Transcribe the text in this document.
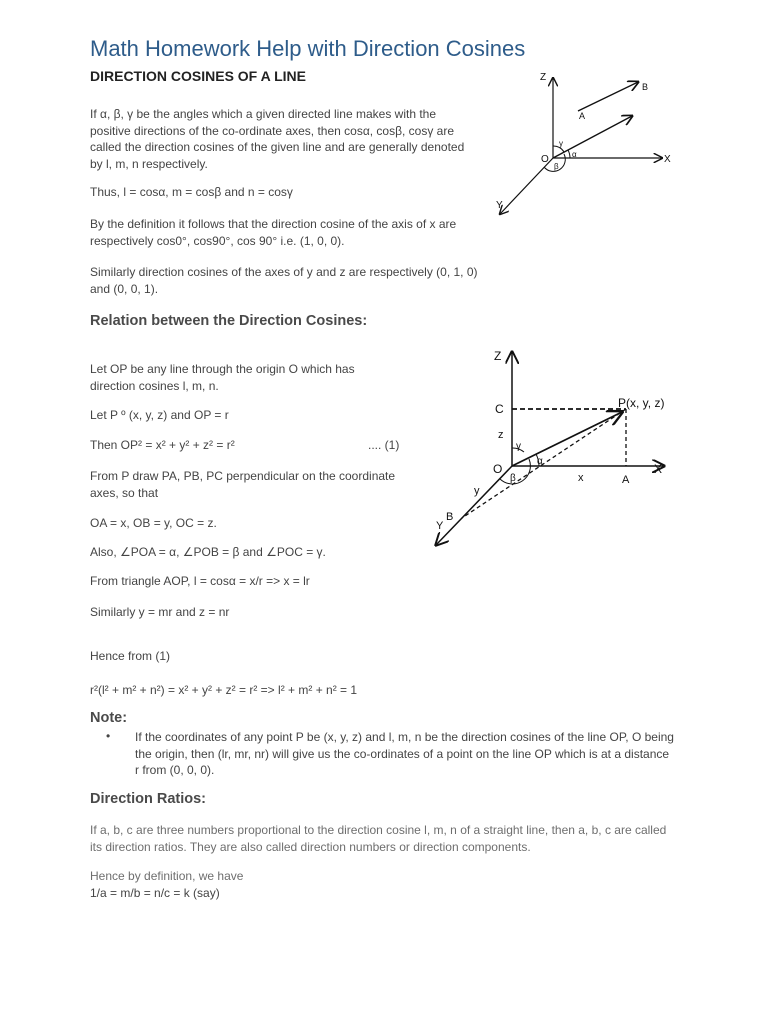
Math Homework Help with Direction Cosines
DIRECTION COSINES OF A LINE
If α, β, γ be the angles which a given directed line makes with the positive directions of the co-ordinate axes, then cosα, cosβ, cosγ are called the direction cosines of the given line and are generally denoted by l, m, n respectively.
Thus, l = cosα, m = cosβ and n = cosγ
By the definition it follows that the direction cosine of the axis of x are respectively cos0°, cos90°, cos 90° i.e. (1, 0, 0).
Similarly direction cosines of the axes of y and z are respectively (0, 1, 0) and (0, 0, 1).
Z
X
Y
O
A
B
γ
α
β
Relation between the Direction Cosines:
Let OP be any line through the origin O which has direction cosines l, m, n.
Let P º (x, y, z) and OP = r
Then OP² = x² + y² + z² = r²	.... (1)
From P draw PA, PB, PC perpendicular on the coordinate axes, so that
OA = x, OB = y, OC = z.
Also, ∠POA = α, ∠POB = β and ∠POC = γ.
From triangle AOP, l = cosα = x/r => x = lr
Similarly y = mr and z = nr
Hence from (1)
r²(l² + m² + n²) = x² + y² + z² = r² => l² + m² + n² = 1
Z
X
Y
O
P(x, y, z)
C
z
x	A
y
B
γ
α
β
Note:
• If the coordinates of any point P be (x, y, z) and l, m, n be the direction cosines of the line OP, O being the origin, then (lr, mr, nr) will give us the co-ordinates of a point on the line OP which is at a distance r from (0, 0, 0).
Direction Ratios:
If a, b, c are three numbers proportional to the direction cosine l, m, n of a straight line, then a, b, c are called its direction ratios. They are also called direction numbers or direction components.
Hence by definition, we have
1/a = m/b = n/c = k (say)
